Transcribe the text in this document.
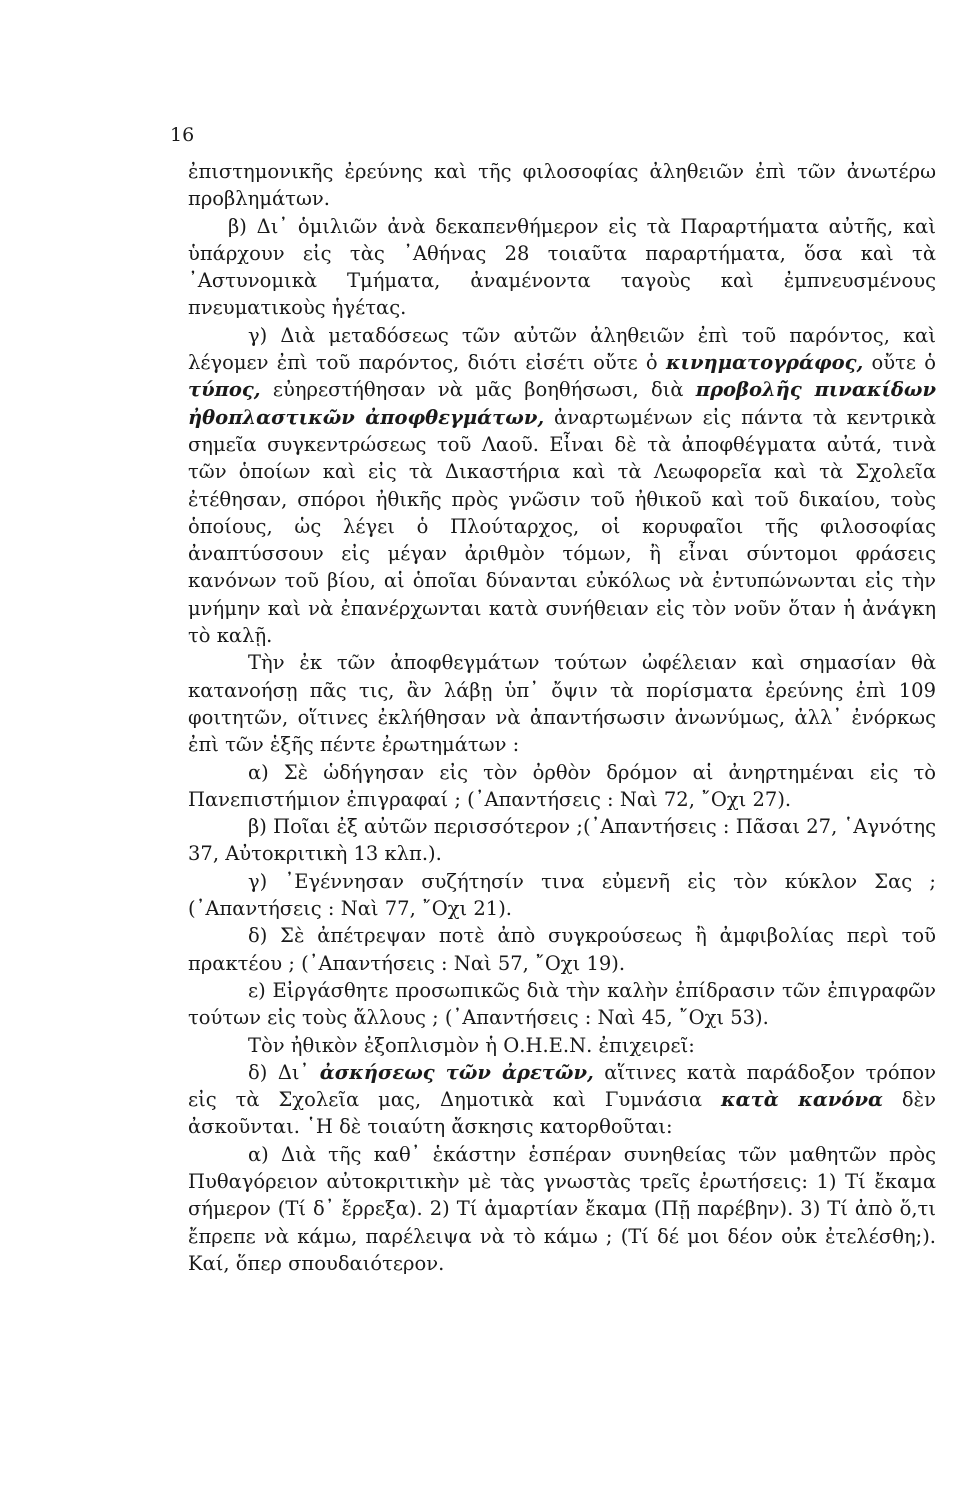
16

ἐπιστημονικῆς ἐρεύνης καὶ τῆς φιλοσοφίας ἀληθειῶν ἐπὶ τῶν ἀνωτέρω προβλημάτων.

β) Δι᾽ ὁμιλιῶν ἀνὰ δεκαπενθήμερον εἰς τὰ Παραρτήματα αὐτῆς, καὶ ὑπάρχουν εἰς τὰς ᾽Αθήνας 28 τοιαῦτα παραρτήματα, ὅσα καὶ τὰ ᾽Αστυνομικὰ Τμήματα, ἀναμένοντα ταγοὺς καὶ ἐμπνευσμένους πνευματικοὺς ἡγέτας.

γ) Διὰ μεταδόσεως τῶν αὐτῶν ἀληθειῶν ἐπὶ τοῦ παρόντος, καὶ λέγομεν ἐπὶ τοῦ παρόντος, διότι εἰσέτι οὔτε ὁ κινηματογράφος, οὔτε ὁ τύπος, εὐηρεστήθησαν νὰ μᾶς βοηθήσωσι, διὰ προβολῆς πινακίδων ἠθοπλαστικῶν ἀποφθεγμάτων, ἀναρτωμένων εἰς πάντα τὰ κεντρικὰ σημεῖα συγκεντρώσεως τοῦ Λαοῦ. Εἶναι δὲ τὰ ἀποφθέγματα αὐτά, τινὰ τῶν ὁποίων καὶ εἰς τὰ Δικαστήρια καὶ τὰ Λεωφορεῖα καὶ τὰ Σχολεῖα ἐτέθησαν, σπόροι ἠθικῆς πρὸς γνῶσιν τοῦ ἠθικοῦ καὶ τοῦ δικαίου, τοὺς ὁποίους, ὡς λέγει ὁ Πλούταρχος, οἱ κορυφαῖοι τῆς φιλοσοφίας ἀναπτύσσουν εἰς μέγαν ἀριθμὸν τόμων, ἢ εἶναι σύντομοι φράσεις κανόνων τοῦ βίου, αἱ ὁποῖαι δύνανται εὐκόλως νὰ ἐντυπώνωνται εἰς τὴν μνήμην καὶ νὰ ἐπανέρχωνται κατὰ συνήθειαν εἰς τὸν νοῦν ὅταν ἡ ἀνάγκη τὸ καλῇ.

Τὴν ἐκ τῶν ἀποφθεγμάτων τούτων ὠφέλειαν καὶ σημασίαν θὰ κατανοήσῃ πᾶς τις, ἂν λάβῃ ὑπ᾽ ὄψιν τὰ πορίσματα ἐρεύνης ἐπὶ 109 φοιτητῶν, οἵτινες ἐκλήθησαν νὰ ἀπαντήσωσιν ἀνωνύμως, ἀλλ᾽ ἐνόρκως ἐπὶ τῶν ἑξῆς πέντε ἐρωτημάτων :

α) Σὲ ὡδήγησαν εἰς τὸν ὀρθὸν δρόμον αἱ ἀνηρτημέναι εἰς τὸ Πανεπιστήμιον ἐπιγραφαί ; (᾽Απαντήσεις : Ναὶ 72, ῎Οχι 27).

β) Ποῖαι ἐξ αὐτῶν περισσότερον ;(᾽Απαντήσεις : Πᾶσαι 27, ῾Αγνότης 37, Αὐτοκριτικὴ 13 κλπ.).

γ) ᾽Εγέννησαν συζήτησίν τινα εὐμενῆ εἰς τὸν κύκλον Σας ; (᾽Απαντήσεις : Ναὶ 77, ῎Οχι 21).

δ) Σὲ ἀπέτρεψαν ποτὲ ἀπὸ συγκρούσεως ἢ ἀμφιβολίας περὶ τοῦ πρακτέου ; (᾽Απαντήσεις : Ναὶ 57, ῎Οχι 19).

ε) Εἰργάσθητε προσωπικῶς διὰ τὴν καλὴν ἐπίδρασιν τῶν ἐπιγραφῶν τούτων εἰς τοὺς ἄλλους ; (᾽Απαντήσεις : Ναὶ 45, ῎Οχι 53).

Τὸν ἠθικὸν ἐξοπλισμὸν ἡ Ο.Η.Ε.Ν. ἐπιχειρεῖ:

δ) Δι᾽ ἀσκήσεως τῶν ἀρετῶν, αἵτινες κατὰ παράδοξον τρόπον εἰς τὰ Σχολεῖα μας, Δημοτικὰ καὶ Γυμνάσια κατὰ κανόνα δὲν ἀσκοῦνται. ῾Η δὲ τοιαύτη ἄσκησις κατορθοῦται:

α) Διὰ τῆς καθ᾽ ἑκάστην ἑσπέραν συνηθείας τῶν μαθητῶν πρὸς Πυθαγόρειον αὐτοκριτικὴν μὲ τὰς γνωστὰς τρεῖς ἐρωτήσεις: 1) Τί ἔκαμα σήμερον (Τί δ᾽ ἔρρεξα). 2) Τί ἁμαρτίαν ἔκαμα (Πῇ παρέβην). 3) Τί ἀπὸ ὅ,τι ἔπρεπε νὰ κάμω, παρέλειψα νὰ τὸ κάμω ; (Τί δέ μοι δέον οὐκ ἐτελέσθη;). Καί, ὅπερ σπουδαιότερον.
